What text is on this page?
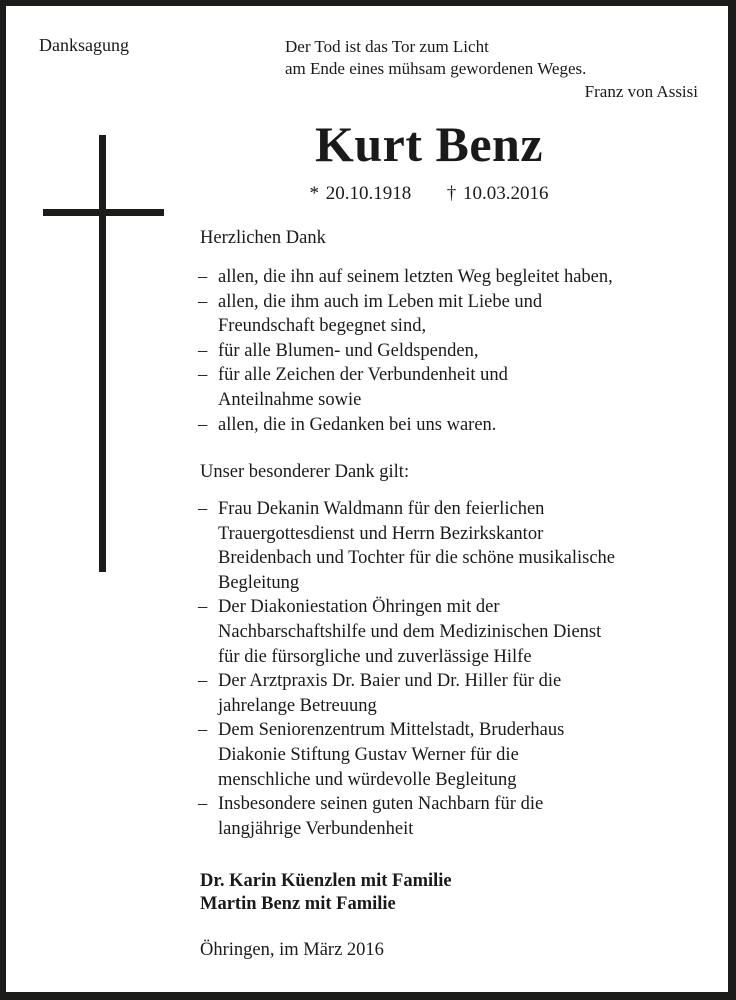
Danksagung	Der Tod ist das Tor zum Licht
am Ende eines mühsam gewordenen Weges.
Franz von Assisi
Kurt Benz
* 20.10.1918 † 10.03.2016
Herzlichen Dank
– allen, die ihn auf seinem letzten Weg begleitet haben,
– allen, die ihm auch im Leben mit Liebe und
Freundschaft begegnet sind,
– für alle Blumen- und Geldspenden,
– für alle Zeichen der Verbundenheit und
Anteilnahme sowie
– allen, die in Gedanken bei uns waren.
Unser besonderer Dank gilt:
– Frau Dekanin Waldmann für den feierlichen
Trauergottesdienst und Herrn Bezirkskantor
Breidenbach und Tochter für die schöne musikalische
Begleitung
– Der Diakoniestation Öhringen mit der
Nachbarschaftshilfe und dem Medizinischen Dienst
für die fürsorgliche und zuverlässige Hilfe
– Der Arztpraxis Dr. Baier und Dr. Hiller für die
jahrelange Betreuung
– Dem Seniorenzentrum Mittelstadt, Bruderhaus
Diakonie Stiftung Gustav Werner für die
menschliche und würdevolle Begleitung
– Insbesondere seinen guten Nachbarn für die
langjährige Verbundenheit
Dr. Karin Küenzlen mit Familie
Martin Benz mit Familie
Öhringen, im März 2016
